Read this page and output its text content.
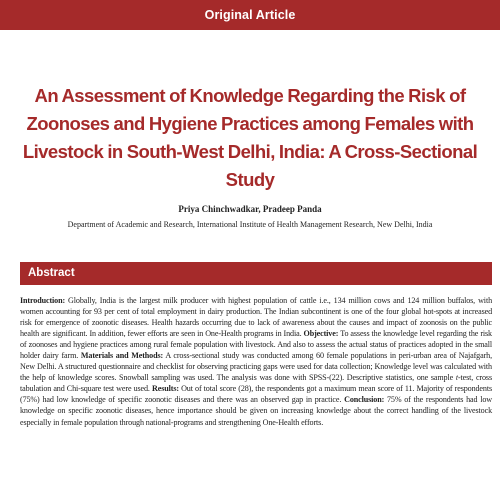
Original Article
An Assessment of Knowledge Regarding the Risk of Zoonoses and Hygiene Practices among Females with Livestock in South-West Delhi, India: A Cross-Sectional Study
Priya Chinchwadkar, Pradeep Panda
Department of Academic and Research, International Institute of Health Management Research, New Delhi, India
Abstract

Introduction: Globally, India is the largest milk producer with highest population of cattle i.e., 134 million cows and 124 million buffalos, with women accounting for 93 per cent of total employment in dairy production. The Indian subcontinent is one of the four global hot-spots at increased risk for emergence of zoonotic diseases. Health hazards occurring due to lack of awareness about the causes and impact of zoonosis on the public health are significant. In addition, fewer efforts are seen in One-Health programs in India. Objective: To assess the knowledge level regarding the risk of zoonoses and hygiene practices among rural female population with livestock. And also to assess the actual status of practices adopted in the small holder dairy farm. Materials and Methods: A cross-sectional study was conducted among 60 female populations in peri-urban area of Najafgarh, New Delhi. A structured questionnaire and checklist for observing practicing gaps were used for data collection; Knowledge level was calculated with the help of knowledge scores. Snowball sampling was used. The analysis was done with SPSS-(22). Descriptive statistics, one sample t-test, cross tabulation and Chi-square test were used. Results: Out of total score (28), the respondents got a maximum mean score of 11. Majority of respondents (75%) had low knowledge of specific zoonotic diseases and there was an observed gap in practice. Conclusion: 75% of the respondents had low knowledge on specific zoonotic diseases, hence importance should be given on increasing knowledge about the correct handling of the livestock especially in female population through national-programs and strengthening One-Health efforts.
